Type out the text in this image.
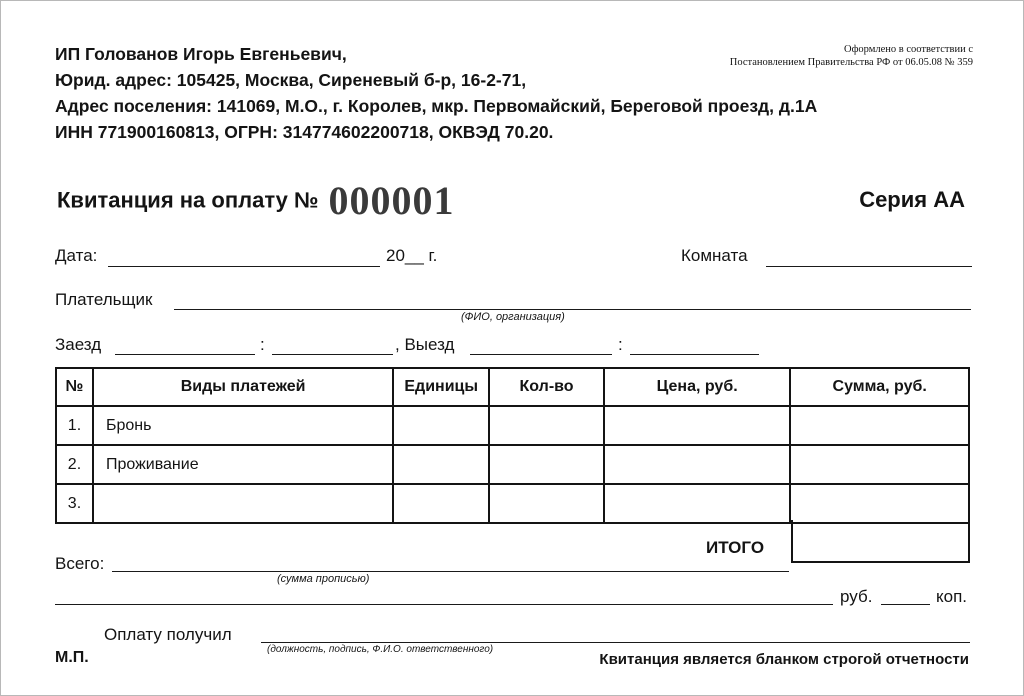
ИП Голованов Игорь Евгеньевич,
Юрид. адрес: 105425, Москва, Сиреневый б-р, 16-2-71,
Адрес поселения: 141069, М.О., г. Королев, мкр. Первомайский, Береговой проезд, д.1А
ИНН 771900160813, ОГРН: 314774602200718, ОКВЭД 70.20.
Оформлено в соответствии с
Постановлением Правительства РФ от 06.05.08 № 359
Квитанция на оплату № 000001	Серия АА
Дата:	20__ г.	Комната
Плательщик
(ФИО, организация)
Заезд	:	, Выезд	:
№	Виды платежей	Единицы	Кол-во	Цена, руб.	Сумма, руб.
1.	Бронь				
2.	Проживание				
3.					
ИТОГО
Всего:
(сумма прописью)
руб.	коп.
Оплату получил
(должность, подпись, Ф.И.О. ответственного)
М.П.	Квитанция является бланком строгой отчетности
